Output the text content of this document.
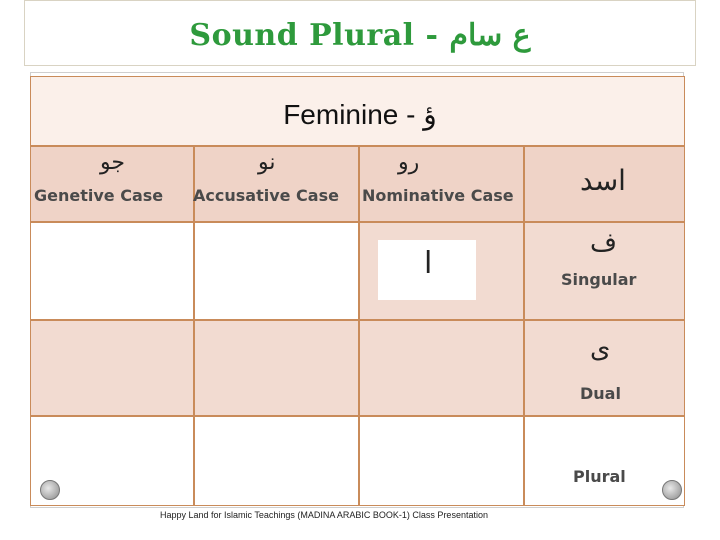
Sound Plural - ع سام
Feminine - ؤ
جو
Genetive Case
نو
Accusative Case
رو
Nominative Case اسد
ا
ف
Singular
ى
Dual
Plural
Happy Land for Islamic Teachings (MADINA ARABIC BOOK-1) Class Presentation
